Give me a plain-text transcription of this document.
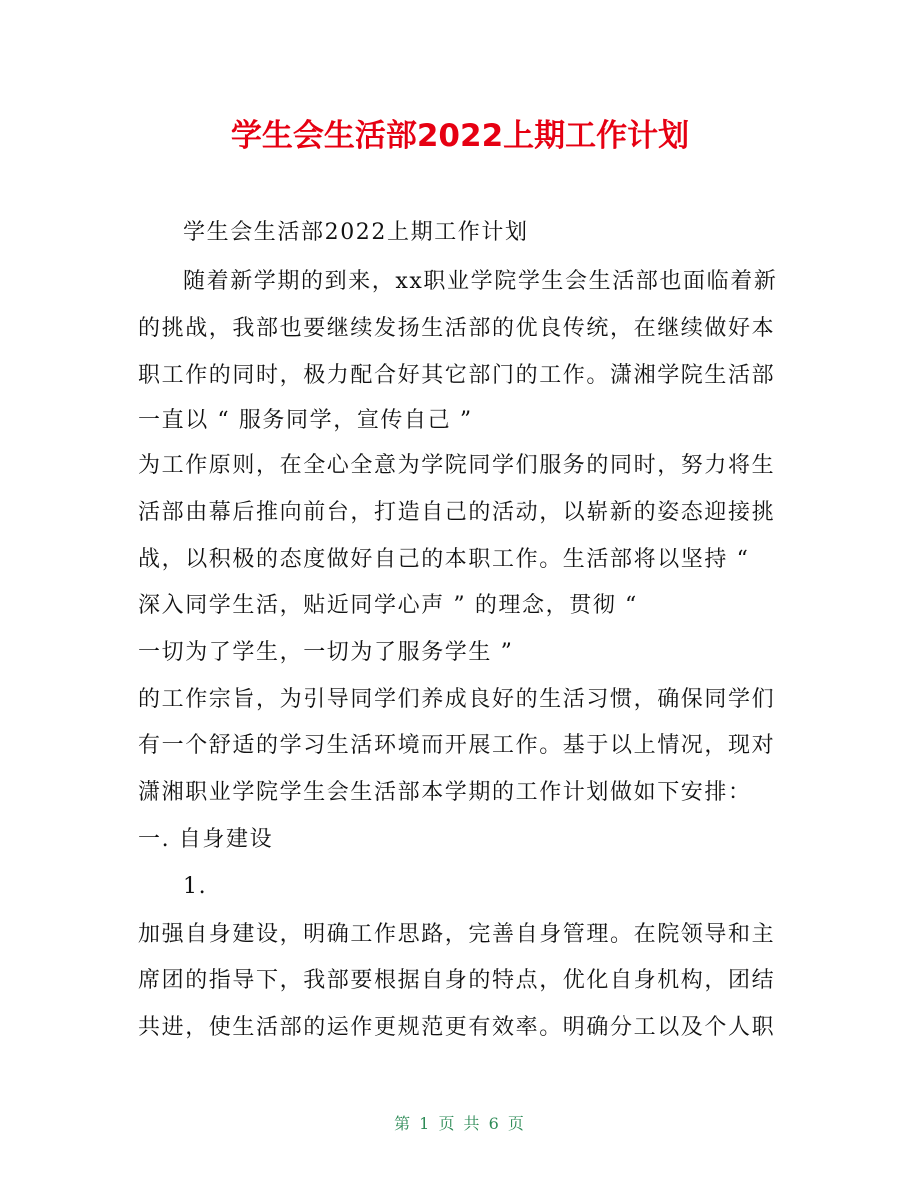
学生会生活部2022上期工作计划
学生会生活部2022上期工作计划
随着新学期的到来，xx职业学院学生会生活部也面临着新
的挑战，我部也要继续发扬生活部的优良传统，在继续做好本
职工作的同时，极力配合好其它部门的工作。潇湘学院生活部
一直以 “ 服务同学，宣传自己 ”
为工作原则，在全心全意为学院同学们服务的同时，努力将生
活部由幕后推向前台，打造自己的活动，以崭新的姿态迎接挑
战，以积极的态度做好自己的本职工作。生活部将以坚持 “
深入同学生活，贴近同学心声 ” 的理念，贯彻 “
一切为了学生，一切为了服务学生 ”
的工作宗旨，为引导同学们养成良好的生活习惯，确保同学们
有一个舒适的学习生活环境而开展工作。基于以上情况，现对
潇湘职业学院学生会生活部本学期的工作计划做如下安排：
一. 自身建设
1.
加强自身建设，明确工作思路，完善自身管理。在院领导和主
席团的指导下，我部要根据自身的特点，优化自身机构，团结
共进，使生活部的运作更规范更有效率。明确分工以及个人职
第 1 页 共 6 页
